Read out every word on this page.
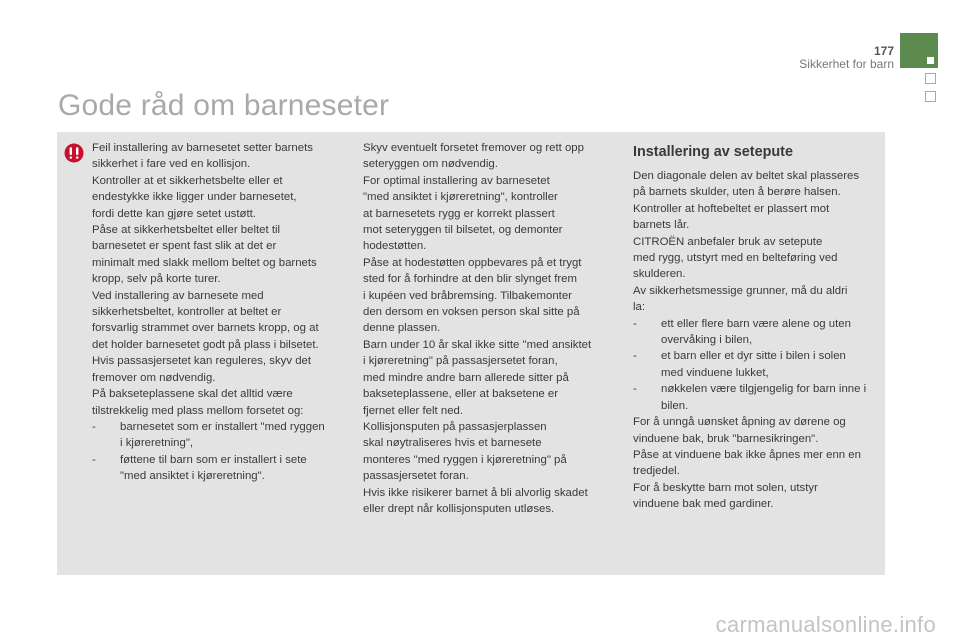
177
Sikkerhet for barn
Gode råd om barneseter

Feil installering av barnesetet setter barnets

sikkerhet i fare ved en kollisjon.

Kontroller at et sikkerhetsbelte eller et

endestykke ikke ligger under barnesetet,

fordi dette kan gjøre setet ustøtt.

Påse at sikkerhetsbeltet eller beltet til

barnesetet er spent fast slik at det er

minimalt med slakk mellom beltet og barnets

kropp, selv på korte turer.

Ved installering av barnesete med

sikkerhetsbeltet, kontroller at beltet er

forsvarlig strammet over barnets kropp, og at

det holder barnesetet godt på plass i bilsetet.

Hvis passasjersetet kan reguleres, skyv det

fremover om nødvendig.

På bakseteplassene skal det alltid være

tilstrekkelig med plass mellom forsetet og:

- barnesetet som er installert "med ryggen

i kjøreretning",

- føttene til barn som er installert i sete

"med ansiktet i kjøreretning".

Skyv eventuelt forsetet fremover og rett opp

seteryggen om nødvendig.

For optimal installering av barnesetet

"med ansiktet i kjøreretning", kontroller

at barnesetets rygg er korrekt plassert

mot seteryggen til bilsetet, og demonter

hodestøtten.

Påse at hodestøtten oppbevares på et trygt

sted for å forhindre at den blir slynget frem

i kupéen ved bråbremsing. Tilbakemonter

den dersom en voksen person skal sitte på

denne plassen.

Barn under 10 år skal ikke sitte "med ansiktet

i kjøreretning" på passasjersetet foran,

med mindre andre barn allerede sitter på

bakseteplassene, eller at baksetene er

fjernet eller felt ned.

Kollisjonsputen på passasjerplassen

skal nøytraliseres hvis et barnesete

monteres "med ryggen i kjøreretning" på

passasjersetet foran.

Hvis ikke risikerer barnet å bli alvorlig skadet

eller drept når kollisjonsputen utløses.

Installering av setepute

Den diagonale delen av beltet skal plasseres

på barnets skulder, uten å berøre halsen.

Kontroller at hoftebeltet er plassert mot

barnets lår.

CITROËN anbefaler bruk av setepute

med rygg, utstyrt med en belteføring ved

skulderen.

Av sikkerhetsmessige grunner, må du aldri

la:

- ett eller flere barn være alene og uten

overvåking i bilen,

- et barn eller et dyr sitte i bilen i solen

med vinduene lukket,

- nøkkelen være tilgjengelig for barn inne i

bilen.

For å unngå uønsket åpning av dørene og

vinduene bak, bruk "barnesikringen".

Påse at vinduene bak ikke åpnes mer enn en

tredjedel.

For å beskytte barn mot solen, utstyr

vinduene bak med gardiner.

carmanualsonline.info
